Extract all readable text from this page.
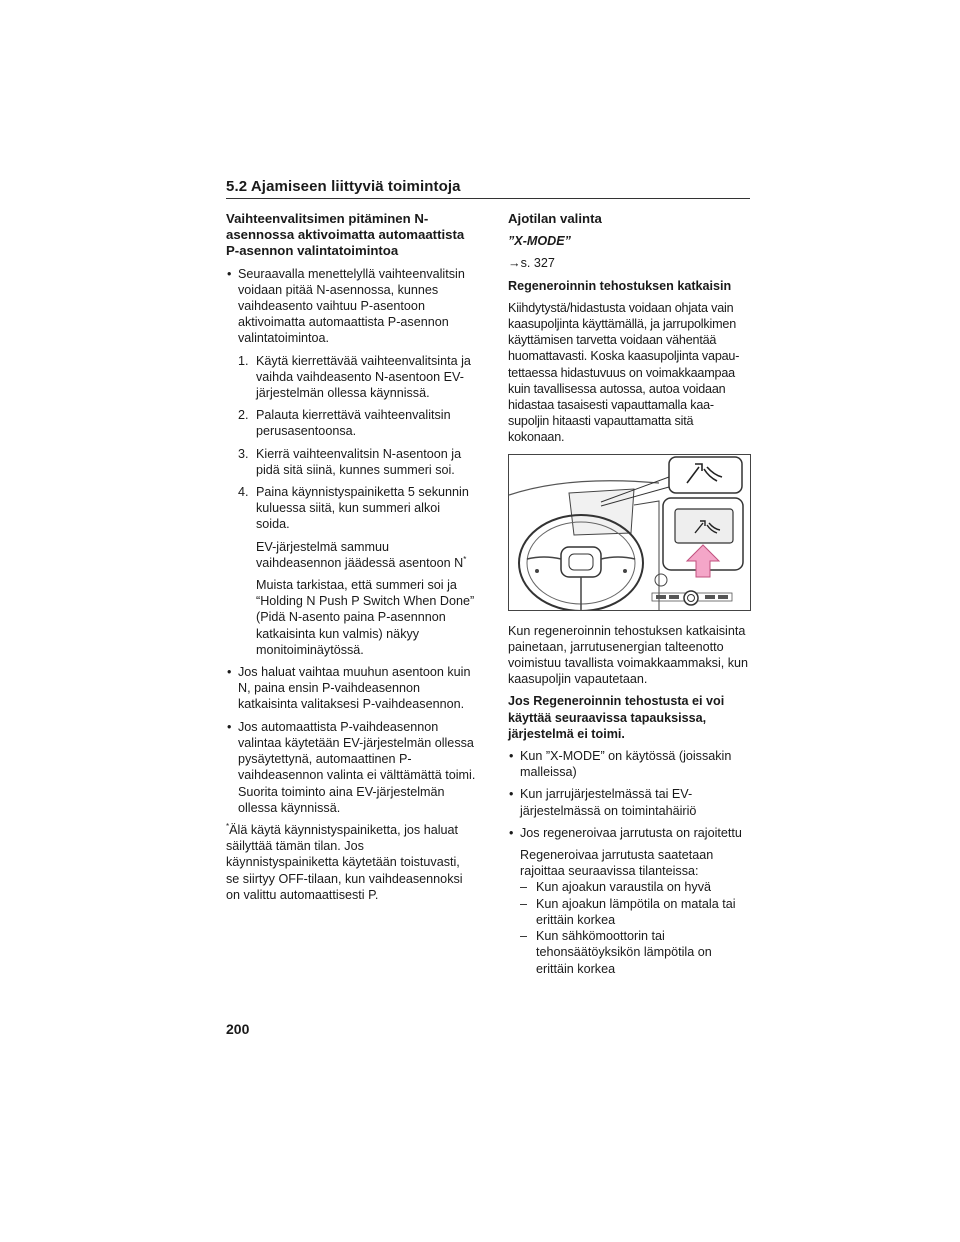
5.2 Ajamiseen liittyviä toimintoja
Vaihteenvalitsimen pitäminen N-asennossa aktivoimatta automaattista P-asennon valintatoimintoa
• Seuraavalla menettelyllä vaihteenvalitsin voidaan pitää N-asennossa, kunnes vaihdeasento vaihtuu P-asentoon aktivoimatta automaattista P-asennon valintatoimintoa.
1. Käytä kierrettävää vaihteenvalitsinta ja vaihda vaihdeasento N-asentoon EV-järjestelmän ollessa käynnissä.
2. Palauta kierrettävä vaihteenvalitsin perusasentoonsa.
3. Kierrä vaihteenvalitsin N-asentoon ja pidä sitä siinä, kunnes summeri soi.
4. Paina käynnistyspainiketta 5 sekunnin kuluessa siitä, kun summeri alkoi soida.
EV-järjestelmä sammuu vaihdeasennon jäädessä asentoon N*
Muista tarkistaa, että summeri soi ja “Holding N Push P Switch When Done” (Pidä N-asento paina P-asennnon katkaisinta kun valmis) näkyy monitoiminäytössä.
• Jos haluat vaihtaa muuhun asentoon kuin N, paina ensin P-vaihdeasennon katkaisinta valitaksesi P-vaihdeasennon.
• Jos automaattista P-vaihdeasennon valintaa käytetään EV-järjestelmän ollessa pysäytettynä, automaattinen P-vaihdeasennon valinta ei välttämättä toimi. Suorita toiminto aina EV-järjestelmän ollessa käynnissä.

*Älä käytä käynnistyspainiketta, jos haluat säilyttää tämän tilan. Jos käynnistyspainiketta käytetään toistuvasti, se siirtyy OFF-tilaan, kun vaihdeasennoksi on valittu automaattisesti P.

Ajotilan valinta

”X-MODE”

→s. 327

Regeneroinnin tehostuksen katkaisin

Kiihdytystä/hidastusta voidaan ohjata vain kaasupoljinta käyttämällä, ja jarrupolkimen käyttämisen tarvetta voidaan vähentää huomattavasti. Koska kaasupoljinta vapau-tettaessa hidastuvuus on voimakkaampaa kuin tavallisessa autossa, autoa voidaan hidastaa tasaisesti vapauttamalla kaa-supoljin hitaasti vapauttamatta sitä kokonaan.

Kun regeneroinnin tehostuksen katkaisinta painetaan, jarrutusenergian talteenotto voimistuu tavallista voimakkaammaksi, kun kaasupoljin vapautetaan.

Jos Regeneroinnin tehostusta ei voi käyttää seuraavissa tapauksissa, järjestelmä ei toimi.
• Kun ”X-MODE” on käytössä (joissakin malleissa)
• Kun jarrujärjestelmässä tai EV-järjestelmässä on toimintahäiriö
• Jos regeneroivaa jarrutusta on rajoitettu
Regeneroivaa jarrutusta saatetaan rajoittaa seuraavissa tilanteissa:
– Kun ajoakun varaustila on hyvä
– Kun ajoakun lämpötila on matala tai erittäin korkea
– Kun sähkömoottorin tai tehonsäätöyksikön lämpötila on erittäin korkea
200
